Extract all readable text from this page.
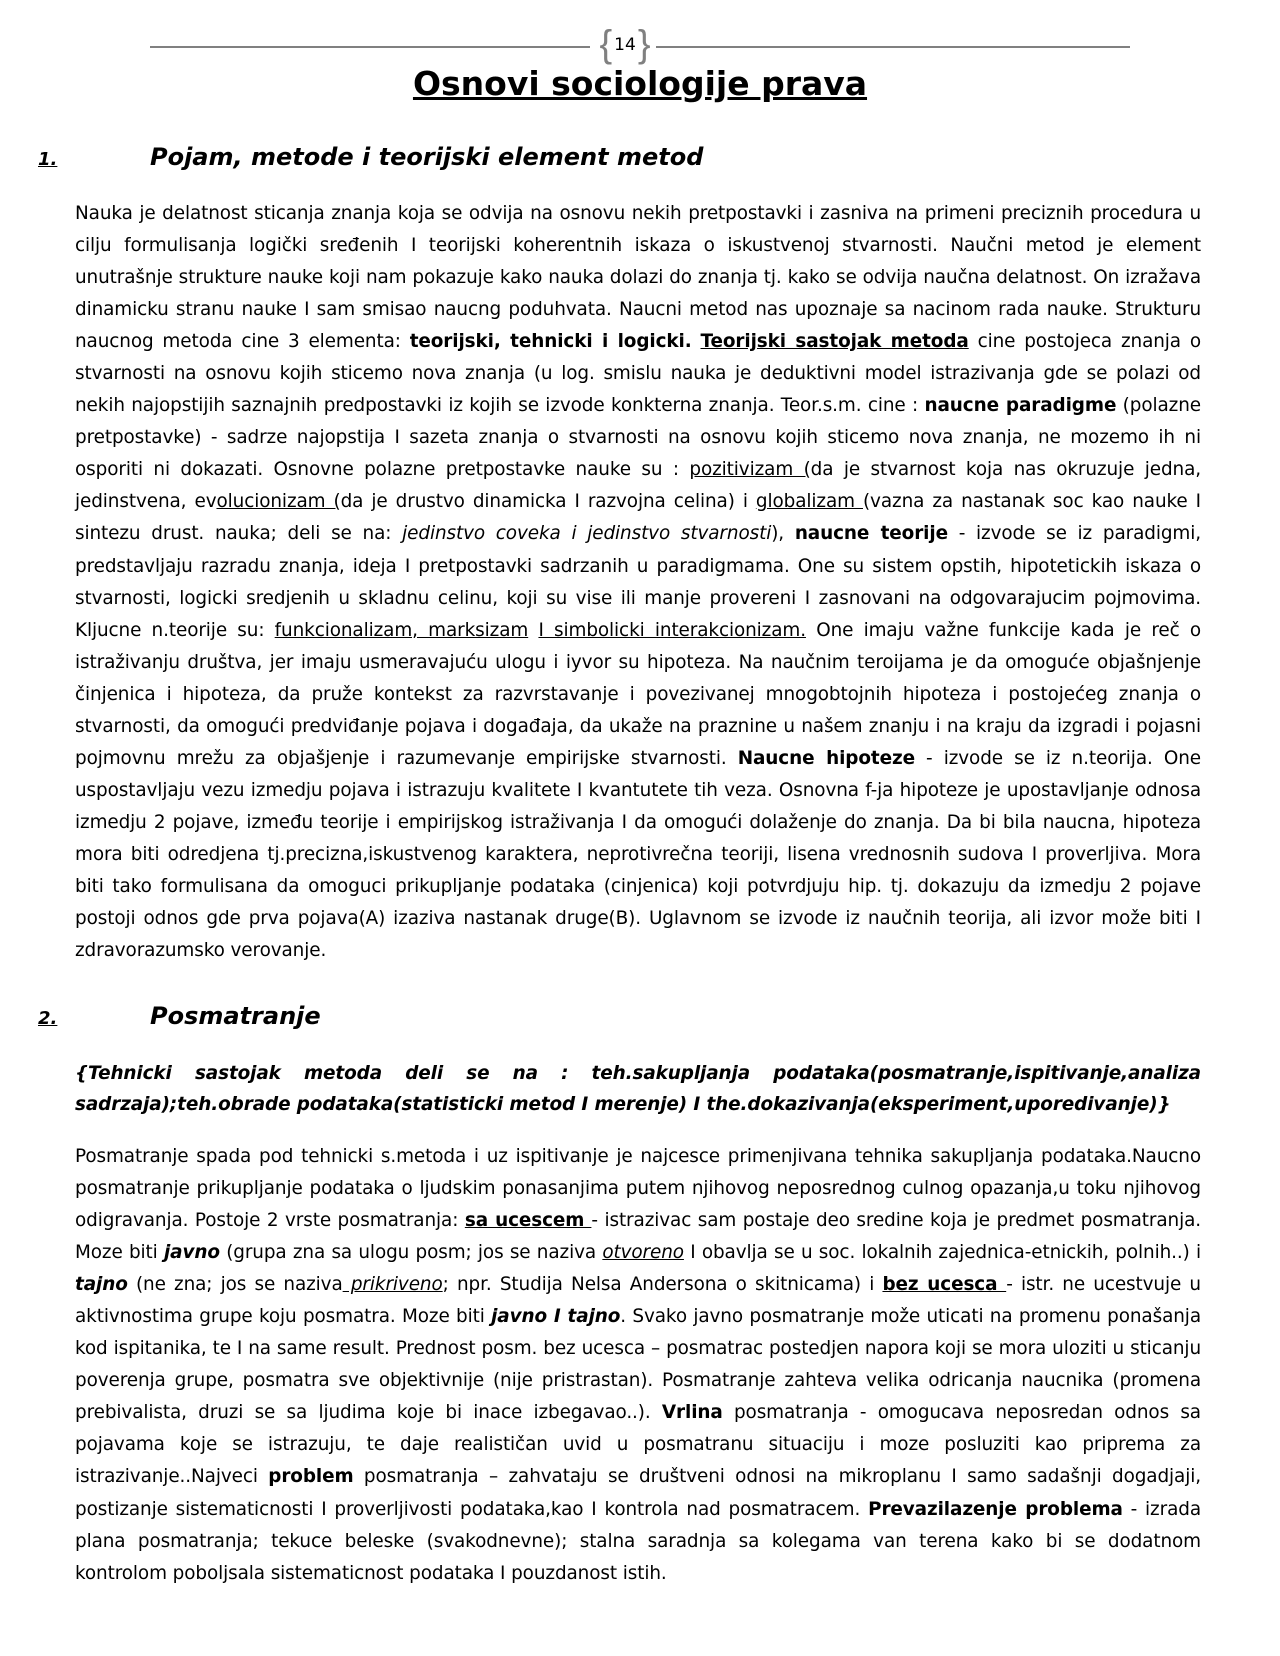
{ 14}
Osnovi sociologije prava
1.	Pojam, metode i teorijski element metod

Nauka je delatnost sticanja znanja koja se odvija na osnovu nekih pretpostavki i zasniva na primeni preciznih procedura u cilju formulisanja logički sređenih I teorijski koherentnih iskaza o iskustvenoj stvarnosti. Naučni metod je element unutrašnje strukture nauke koji nam pokazuje kako nauka dolazi do znanja tj. kako se odvija naučna delatnost. On izražava dinamicku stranu nauke I sam smisao naucng poduhvata. Naucni metod nas upoznaje sa nacinom rada nauke. Strukturu naucnog metoda cine 3 elementa: teorijski, tehnicki i logicki. Teorijski sastojak metoda cine postojeca znanja o stvarnosti na osnovu kojih sticemo nova znanja (u log. smislu nauka je deduktivni model istrazivanja gde se polazi od nekih najopstijih saznajnih predpostavki iz kojih se izvode konkterna znanja. Teor.s.m. cine : naucne paradigme (polazne pretpostavke) - sadrze najopstija I sazeta znanja o stvarnosti na osnovu kojih sticemo nova znanja, ne mozemo ih ni osporiti ni dokazati. Osnovne polazne pretpostavke nauke su : pozitivizam (da je stvarnost koja nas okruzuje jedna, jedinstvena, evolucionizam (da je drustvo dinamicka I razvojna celina) i globalizam (vazna za nastanak soc kao nauke I sintezu drust. nauka; deli se na: jedinstvo coveka i jedinstvo stvarnosti), naucne teorije - izvode se iz paradigmi, predstavljaju razradu znanja, ideja I pretpostavki sadrzanih u paradigmama. One su sistem opstih, hipotetickih iskaza o stvarnosti, logicki sredjenih u skladnu celinu, koji su vise ili manje provereni I zasnovani na odgovarajucim pojmovima. Kljucne n.teorije su: funkcionalizam, marksizam I simbolicki interakcionizam. One imaju važne funkcije kada je reč o istraživanju društva, jer imaju usmeravajuću ulogu i iyvor su hipoteza. Na naučnim teroijama je da omoguće objašnjenje činjenica i hipoteza, da pruže kontekst za razvrstavanje i povezivanej mnogobtojnih hipoteza i postojećeg znanja o stvarnosti, da omogući predviđanje pojava i događaja, da ukaže na praznine u našem znanju i na kraju da izgradi i pojasni pojmovnu mrežu za objašjenje i razumevanje empirijske stvarnosti. Naucne hipoteze - izvode se iz n.teorija. One uspostavljaju vezu izmedju pojava i istrazuju kvalitete I kvantutete tih veza. Osnovna f-ja hipoteze je upostavljanje odnosa izmedju 2 pojave, između teorije i empirijskog istraživanja I da omogući dolaženje do znanja. Da bi bila naucna, hipoteza mora biti odredjena tj.precizna,iskustvenog karaktera, neprotivrečna teoriji, lisena vrednosnih sudova I proverljiva. Mora biti tako formulisana da omoguci prikupljanje podataka (cinjenica) koji potvrdjuju hip. tj. dokazuju da izmedju 2 pojave postoji odnos gde prva pojava(A) izaziva nastanak druge(B). Uglavnom se izvode iz naučnih teorija, ali izvor može biti I zdravorazumsko verovanje.

2.	Posmatranje

{Tehnicki sastojak metoda deli se na : teh.sakupljanja podataka(posmatranje,ispitivanje,analiza sadrzaja);teh.obrade podataka(statisticki metod I merenje) I the.dokazivanja(eksperiment,uporedivanje)}

Posmatranje spada pod tehnicki s.metoda i uz ispitivanje je najcesce primenjivana tehnika sakupljanja podataka.Naucno posmatranje prikupljanje podataka o ljudskim ponasanjima putem njihovog neposrednog culnog opazanja,u toku njihovog odigravanja. Postoje 2 vrste posmatranja: sa ucescem - istrazivac sam postaje deo sredine koja je predmet posmatranja. Moze biti javno (grupa zna sa ulogu posm; jos se naziva otvoreno I obavlja se u soc. lokalnih zajednica-etnickih, polnih..) i tajno (ne zna; jos se naziva prikriveno; npr. Studija Nelsa Andersona o skitnicama) i bez ucesca - istr. ne ucestvuje u aktivnostima grupe koju posmatra. Moze biti javno I tajno. Svako javno posmatranje može uticati na promenu ponašanja kod ispitanika, te I na same result. Prednost posm. bez ucesca – posmatrac postedjen napora koji se mora uloziti u sticanju poverenja grupe, posmatra sve objektivnije (nije pristrastan). Posmatranje zahteva velika odricanja naucnika (promena prebivalista, druzi se sa ljudima koje bi inace izbegavao..). Vrlina posmatranja - omogucava neposredan odnos sa pojavama koje se istrazuju, te daje realističan uvid u posmatranu situaciju i moze posluziti kao priprema za istrazivanje..Najveci problem posmatranja – zahvataju se društveni odnosi na mikroplanu I samo sadašnji dogadjaji, postizanje sistematicnosti I proverljivosti podataka,kao I kontrola nad posmatracem. Prevazilazenje problema - izrada plana posmatranja; tekuce beleske (svakodnevne); stalna saradnja sa kolegama van terena kako bi se dodatnom kontrolom poboljsala sistematicnost podataka I pouzdanost istih.
